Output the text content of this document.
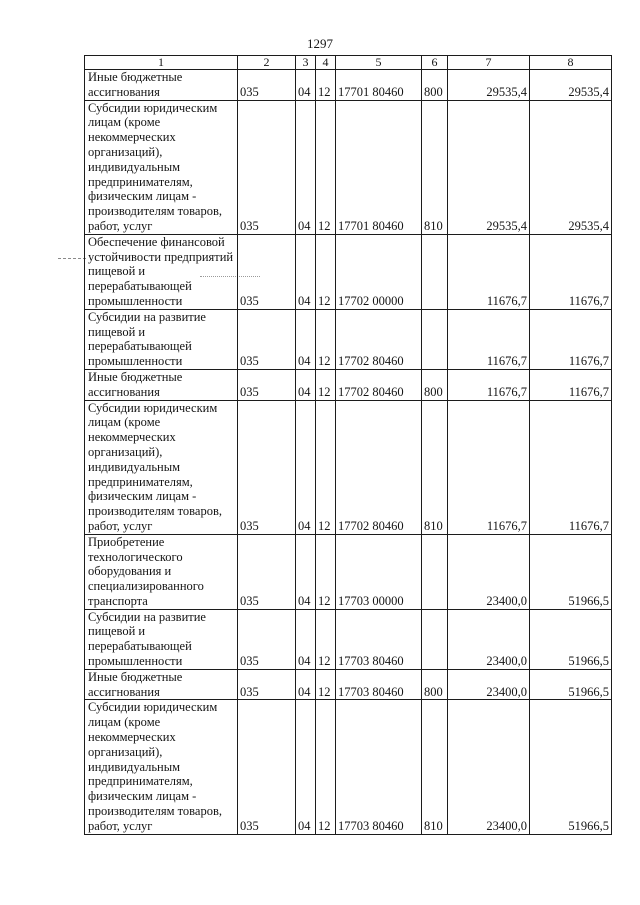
1297
1	2	3	4	5	6	7	8
Иные бюджетные ассигнования	035	04	12	17701 80460	800	29535,4	29535,4
Субсидии юридическим лицам (кроме некоммерческих организаций), индивидуальным предпринимателям, физическим лицам - производителям товаров, работ, услуг	035	04	12	17701 80460	810	29535,4	29535,4
Обеспечение финансовой устойчивости предприятий пищевой и перерабатывающей промышленности	035	04	12	17702 00000		11676,7	11676,7
Субсидии на развитие пищевой и перерабатывающей промышленности	035	04	12	17702 80460		11676,7	11676,7
Иные бюджетные ассигнования	035	04	12	17702 80460	800	11676,7	11676,7
Субсидии юридическим лицам (кроме некоммерческих организаций), индивидуальным предпринимателям, физическим лицам - производителям товаров, работ, услуг	035	04	12	17702 80460	810	11676,7	11676,7
Приобретение технологического оборудования и специализированного транспорта	035	04	12	17703 00000		23400,0	51966,5
Субсидии на развитие пищевой и перерабатывающей промышленности	035	04	12	17703 80460		23400,0	51966,5
Иные бюджетные ассигнования	035	04	12	17703 80460	800	23400,0	51966,5
Субсидии юридическим лицам (кроме некоммерческих организаций), индивидуальным предпринимателям, физическим лицам - производителям товаров, работ, услуг	035	04	12	17703 80460	810	23400,0	51966,5
